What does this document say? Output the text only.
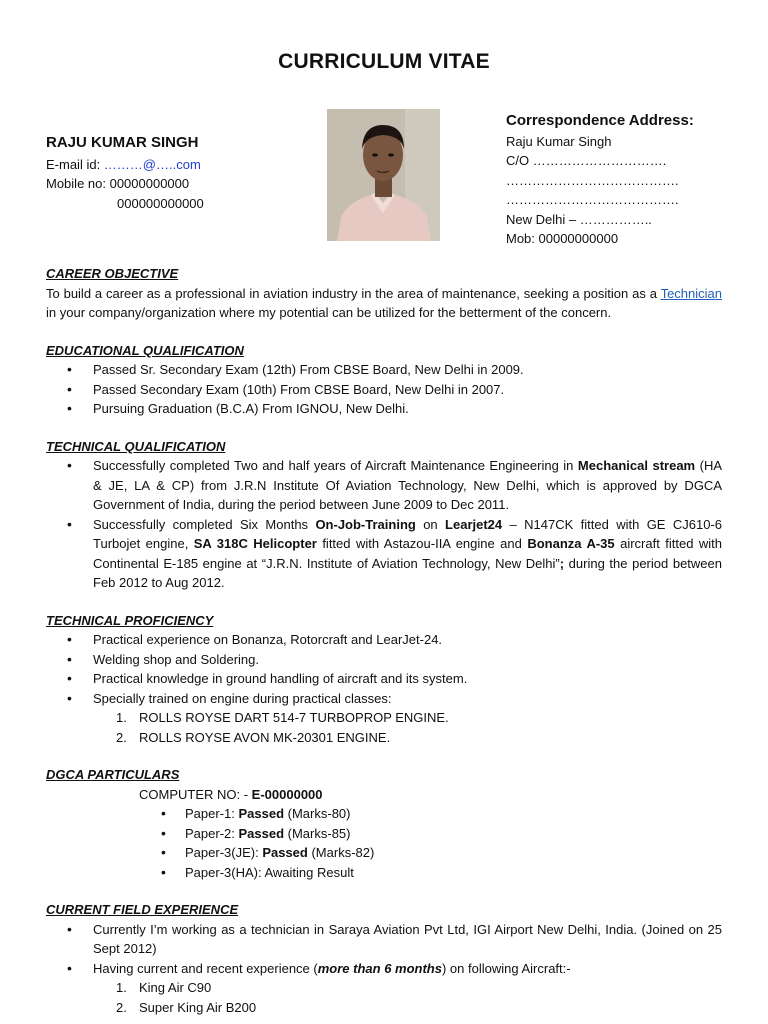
CURRICULUM VITAE
RAJU KUMAR SINGH
E-mail id: ………@…..com
Mobile no: 00000000000
000000000000
Correspondence Address:
Raju Kumar Singh
C/O ………………………….
………………………………….
………………………………….
New Delhi – ……………..
Mob: 00000000000
CAREER OBJECTIVE
To build a career as a professional in aviation industry in the area of maintenance, seeking a position as a Technician in your company/organization where my potential can be utilized for the betterment of the concern.
EDUCATIONAL QUALIFICATION
• Passed Sr. Secondary Exam (12th) From CBSE Board, New Delhi in 2009.
• Passed Secondary Exam (10th) From CBSE Board, New Delhi in 2007.
• Pursuing Graduation (B.C.A) From IGNOU, New Delhi.
TECHNICAL QUALIFICATION
• Successfully completed Two and half years of Aircraft Maintenance Engineering in Mechanical stream (HA & JE, LA & CP) from J.R.N Institute Of Aviation Technology, New Delhi, which is approved by DGCA Government of India, during the period between June 2009 to Dec 2011.
• Successfully completed Six Months On-Job-Training on Learjet24 – N147CK fitted with GE CJ610-6 Turbojet engine, SA 318C Helicopter fitted with Astazou-IIA engine and Bonanza A-35 aircraft fitted with Continental E-185 engine at “J.R.N. Institute of Aviation Technology, New Delhi”; during the period between Feb 2012 to Aug 2012.
TECHNICAL PROFICIENCY
• Practical experience on Bonanza, Rotorcraft and LearJet-24.
• Welding shop and Soldering.
• Practical knowledge in ground handling of aircraft and its system.
• Specially trained on engine during practical classes:
1. ROLLS ROYSE DART 514-7 TURBOPROP ENGINE.
2. ROLLS ROYSE AVON MK-20301 ENGINE.
DGCA PARTICULARS
COMPUTER NO: - E-00000000
• Paper-1: Passed (Marks-80)
• Paper-2: Passed (Marks-85)
• Paper-3(JE): Passed (Marks-82)
• Paper-3(HA): Awaiting Result
CURRENT FIELD EXPERIENCE
• Currently I’m working as a technician in Saraya Aviation Pvt Ltd, IGI Airport New Delhi, India. (Joined on 25 Sept 2012)
• Having current and recent experience (more than 6 months) on following Aircraft:-
1. King Air C90
2. Super King Air B200
